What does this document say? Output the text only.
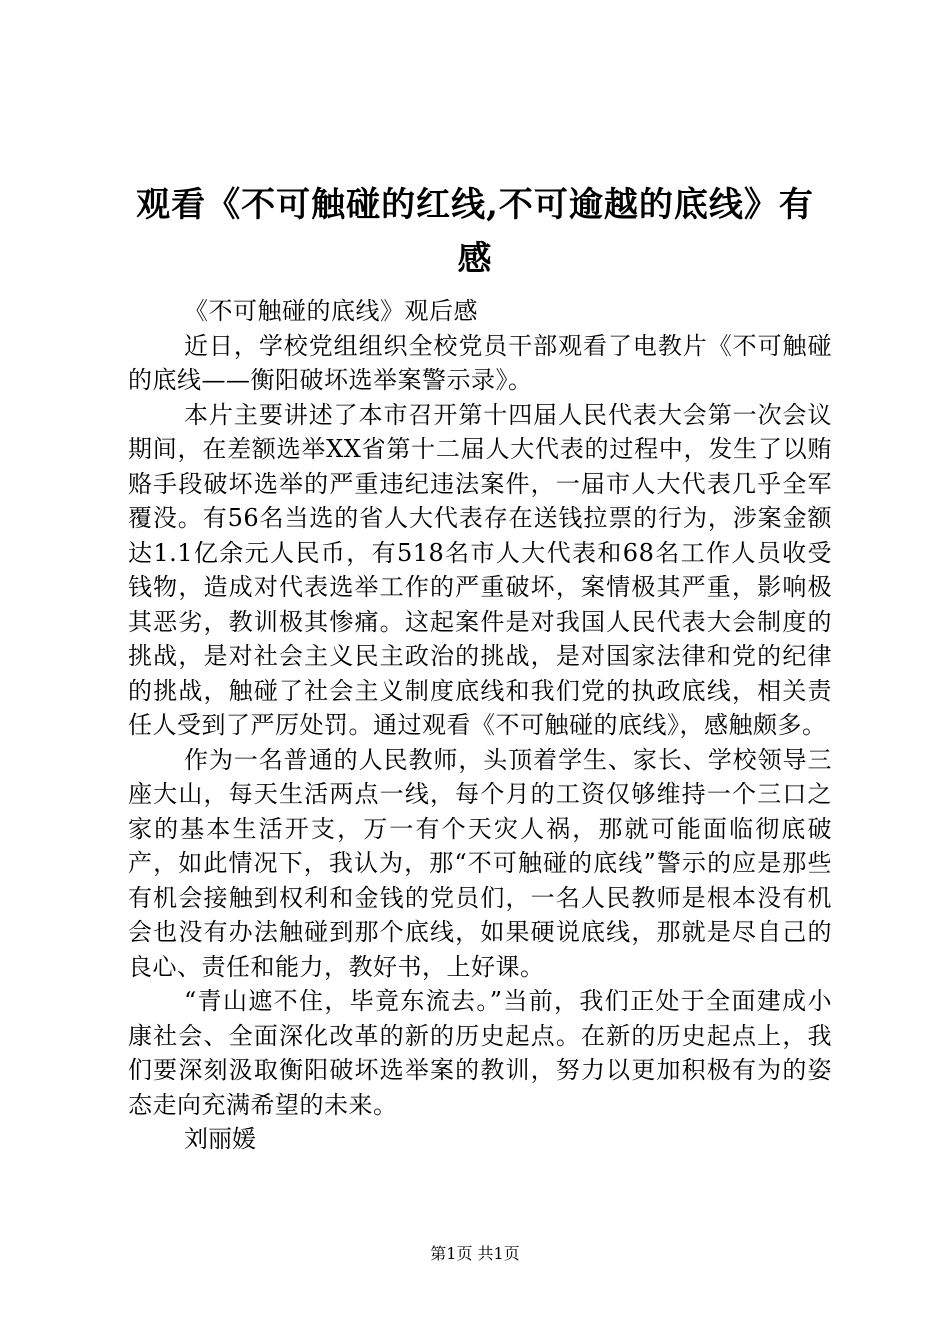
观看《不可触碰的红线,不可逾越的底线》有感

《不可触碰的底线》观后感

近日，学校党组组织全校党员干部观看了电教片《不可触碰的底线——衡阳破坏选举案警示录》。

本片主要讲述了本市召开第十四届人民代表大会第一次会议期间，在差额选举XX省第十二届人大代表的过程中，发生了以贿赂手段破坏选举的严重违纪违法案件，一届市人大代表几乎全军覆没。有56名当选的省人大代表存在送钱拉票的行为，涉案金额达1.1亿余元人民币，有518名市人大代表和68名工作人员收受钱物，造成对代表选举工作的严重破坏，案情极其严重，影响极其恶劣，教训极其惨痛。这起案件是对我国人民代表大会制度的挑战，是对社会主义民主政治的挑战，是对国家法律和党的纪律的挑战，触碰了社会主义制度底线和我们党的执政底线，相关责任人受到了严厉处罚。通过观看《不可触碰的底线》，感触颇多。

作为一名普通的人民教师，头顶着学生、家长、学校领导三座大山，每天生活两点一线，每个月的工资仅够维持一个三口之家的基本生活开支，万一有个天灾人祸，那就可能面临彻底破产，如此情况下，我认为，那“不可触碰的底线”警示的应是那些有机会接触到权利和金钱的党员们，一名人民教师是根本没有机会也没有办法触碰到那个底线，如果硬说底线，那就是尽自己的良心、责任和能力，教好书，上好课。

“青山遮不住，毕竟东流去。”当前，我们正处于全面建成小康社会、全面深化改革的新的历史起点。在新的历史起点上，我们要深刻汲取衡阳破坏选举案的教训，努力以更加积极有为的姿态走向充满希望的未来。

刘丽媛

第1页 共1页
